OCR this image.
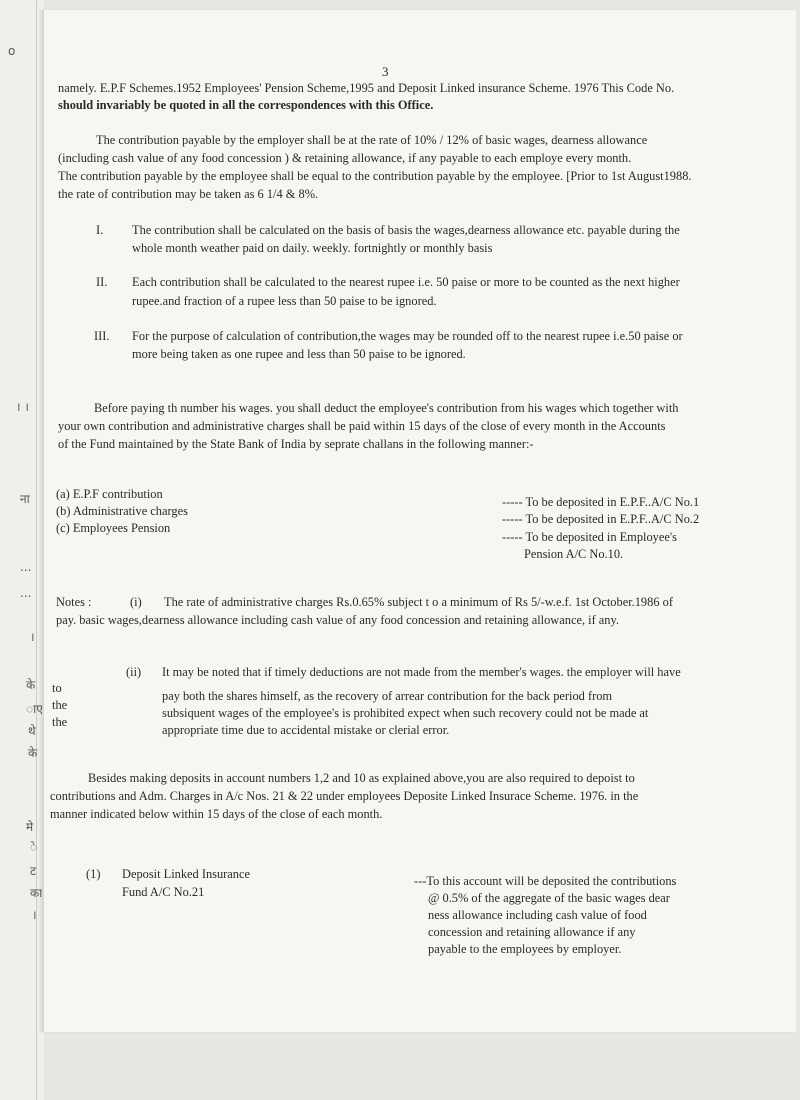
o
। ।
ना
...
...
।
के
ाए
थे
के
मे
े
ट
का
।
3
namely. E.P.F Schemes.1952 Employees' Pension Scheme,1995 and Deposit Linked insurance Scheme. 1976 This Code No.
should invariably be quoted in all the correspondences with this Office.
The contribution payable by the employer shall be at the rate of 10% / 12% of basic wages, dearness allowance
(including cash value of any food concession ) & retaining allowance, if any payable to each employe every month.
The contribution payable by the employee shall be equal to the contribution payable by the employee. [Prior to 1st August1988.
the rate of contribution may be taken as 6 1/4 & 8%.
I. The contribution shall be calculated on the basis of basis the wages,dearness allowance etc. payable during the
whole month weather paid on daily. weekly. fortnightly or monthly basis
II. Each contribution shall be calculated to the nearest rupee i.e. 50 paise or more to be counted as the next higher
rupee.and fraction of a rupee less than 50 paise to be ignored.
III. For the purpose of calculation of contribution,the wages may be rounded off to the nearest rupee i.e.50 paise or
more being taken as one rupee and less than 50 paise to be ignored.
Before paying th number his wages. you shall deduct the employee's contribution from his wages which together with
your own contribution and administrative charges shall be paid within 15 days of the close of every month in the Accounts
of the Fund maintained by the State Bank of India by seprate challans in the following manner:-
(a) E.P.F contribution
(b) Administrative charges
(c) Employees Pension
----- To be deposited in E.P.F..A/C No.1
----- To be deposited in E.P.F..A/C No.2
----- To be deposited in Employee's
Pension A/C No.10.
Notes :	(i) The rate of administrative charges Rs.0.65% subject t o a minimum of Rs 5/-w.e.f. 1st October.1986 of
pay. basic wages,dearness allowance including cash value of any food concession and retaining allowance, if any.
(ii)
to
the
the
It may be noted that if timely deductions are not made from the member's wages. the employer will have
pay both the shares himself, as the recovery of arrear contribution for the back period from
subsiquent wages of the employee's is prohibited expect when such recovery could not be made at
appropriate time due to accidental mistake or clerial error.
Besides making deposits in account numbers 1,2 and 10 as explained above,you are also required to depoist to
contributions and Adm. Charges in A/c Nos. 21 & 22 under employees Deposite Linked Insurace Scheme. 1976. in the
manner indicated below within 15 days of the close of each month.
(1) Deposit Linked Insurance
Fund A/C No.21
---To this account will be deposited the contributions
@ 0.5% of the aggregate of the basic wages dear
ness allowance including cash value of food
concession and retaining allowance if any
payable to the employees by employer.
